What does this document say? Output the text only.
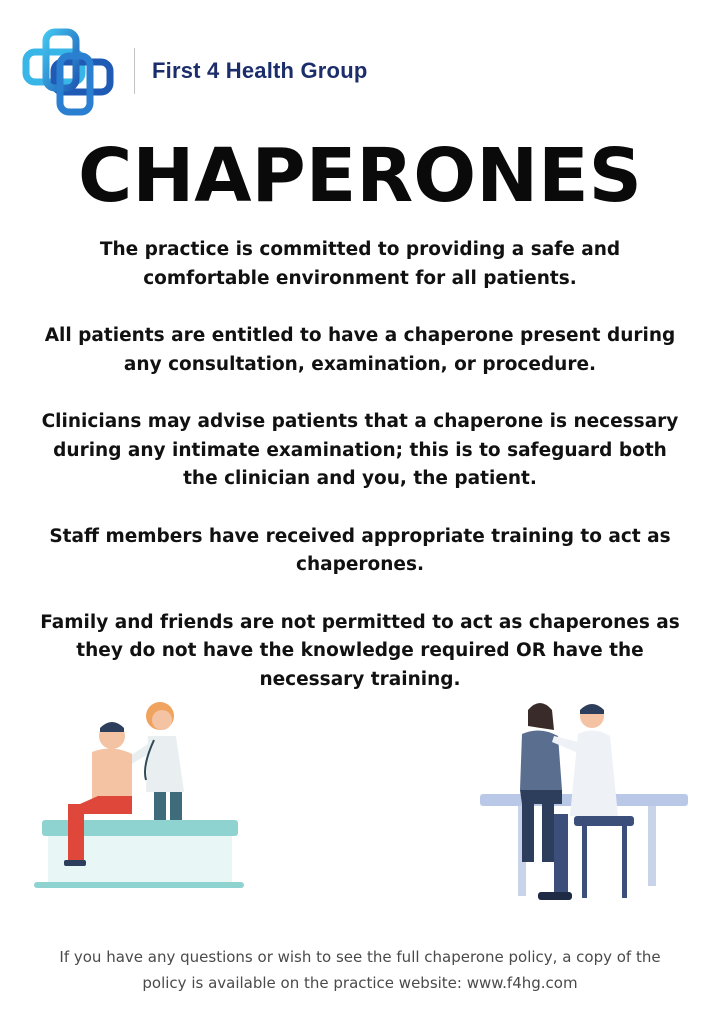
First 4 Health Group
CHAPERONES

The practice is committed to providing a safe and comfortable environment for all patients.

All patients are entitled to have a chaperone present during any consultation, examination, or procedure.

Clinicians may advise patients that a chaperone is necessary during any intimate examination; this is to safeguard both the clinician and you, the patient.

Staff members have received appropriate training to act as chaperones.

Family and friends are not permitted to act as chaperones as they do not have the knowledge required OR have the necessary training.

If you have any questions or wish to see the full chaperone policy, a copy of the
policy is available on the practice website: www.f4hg.com
